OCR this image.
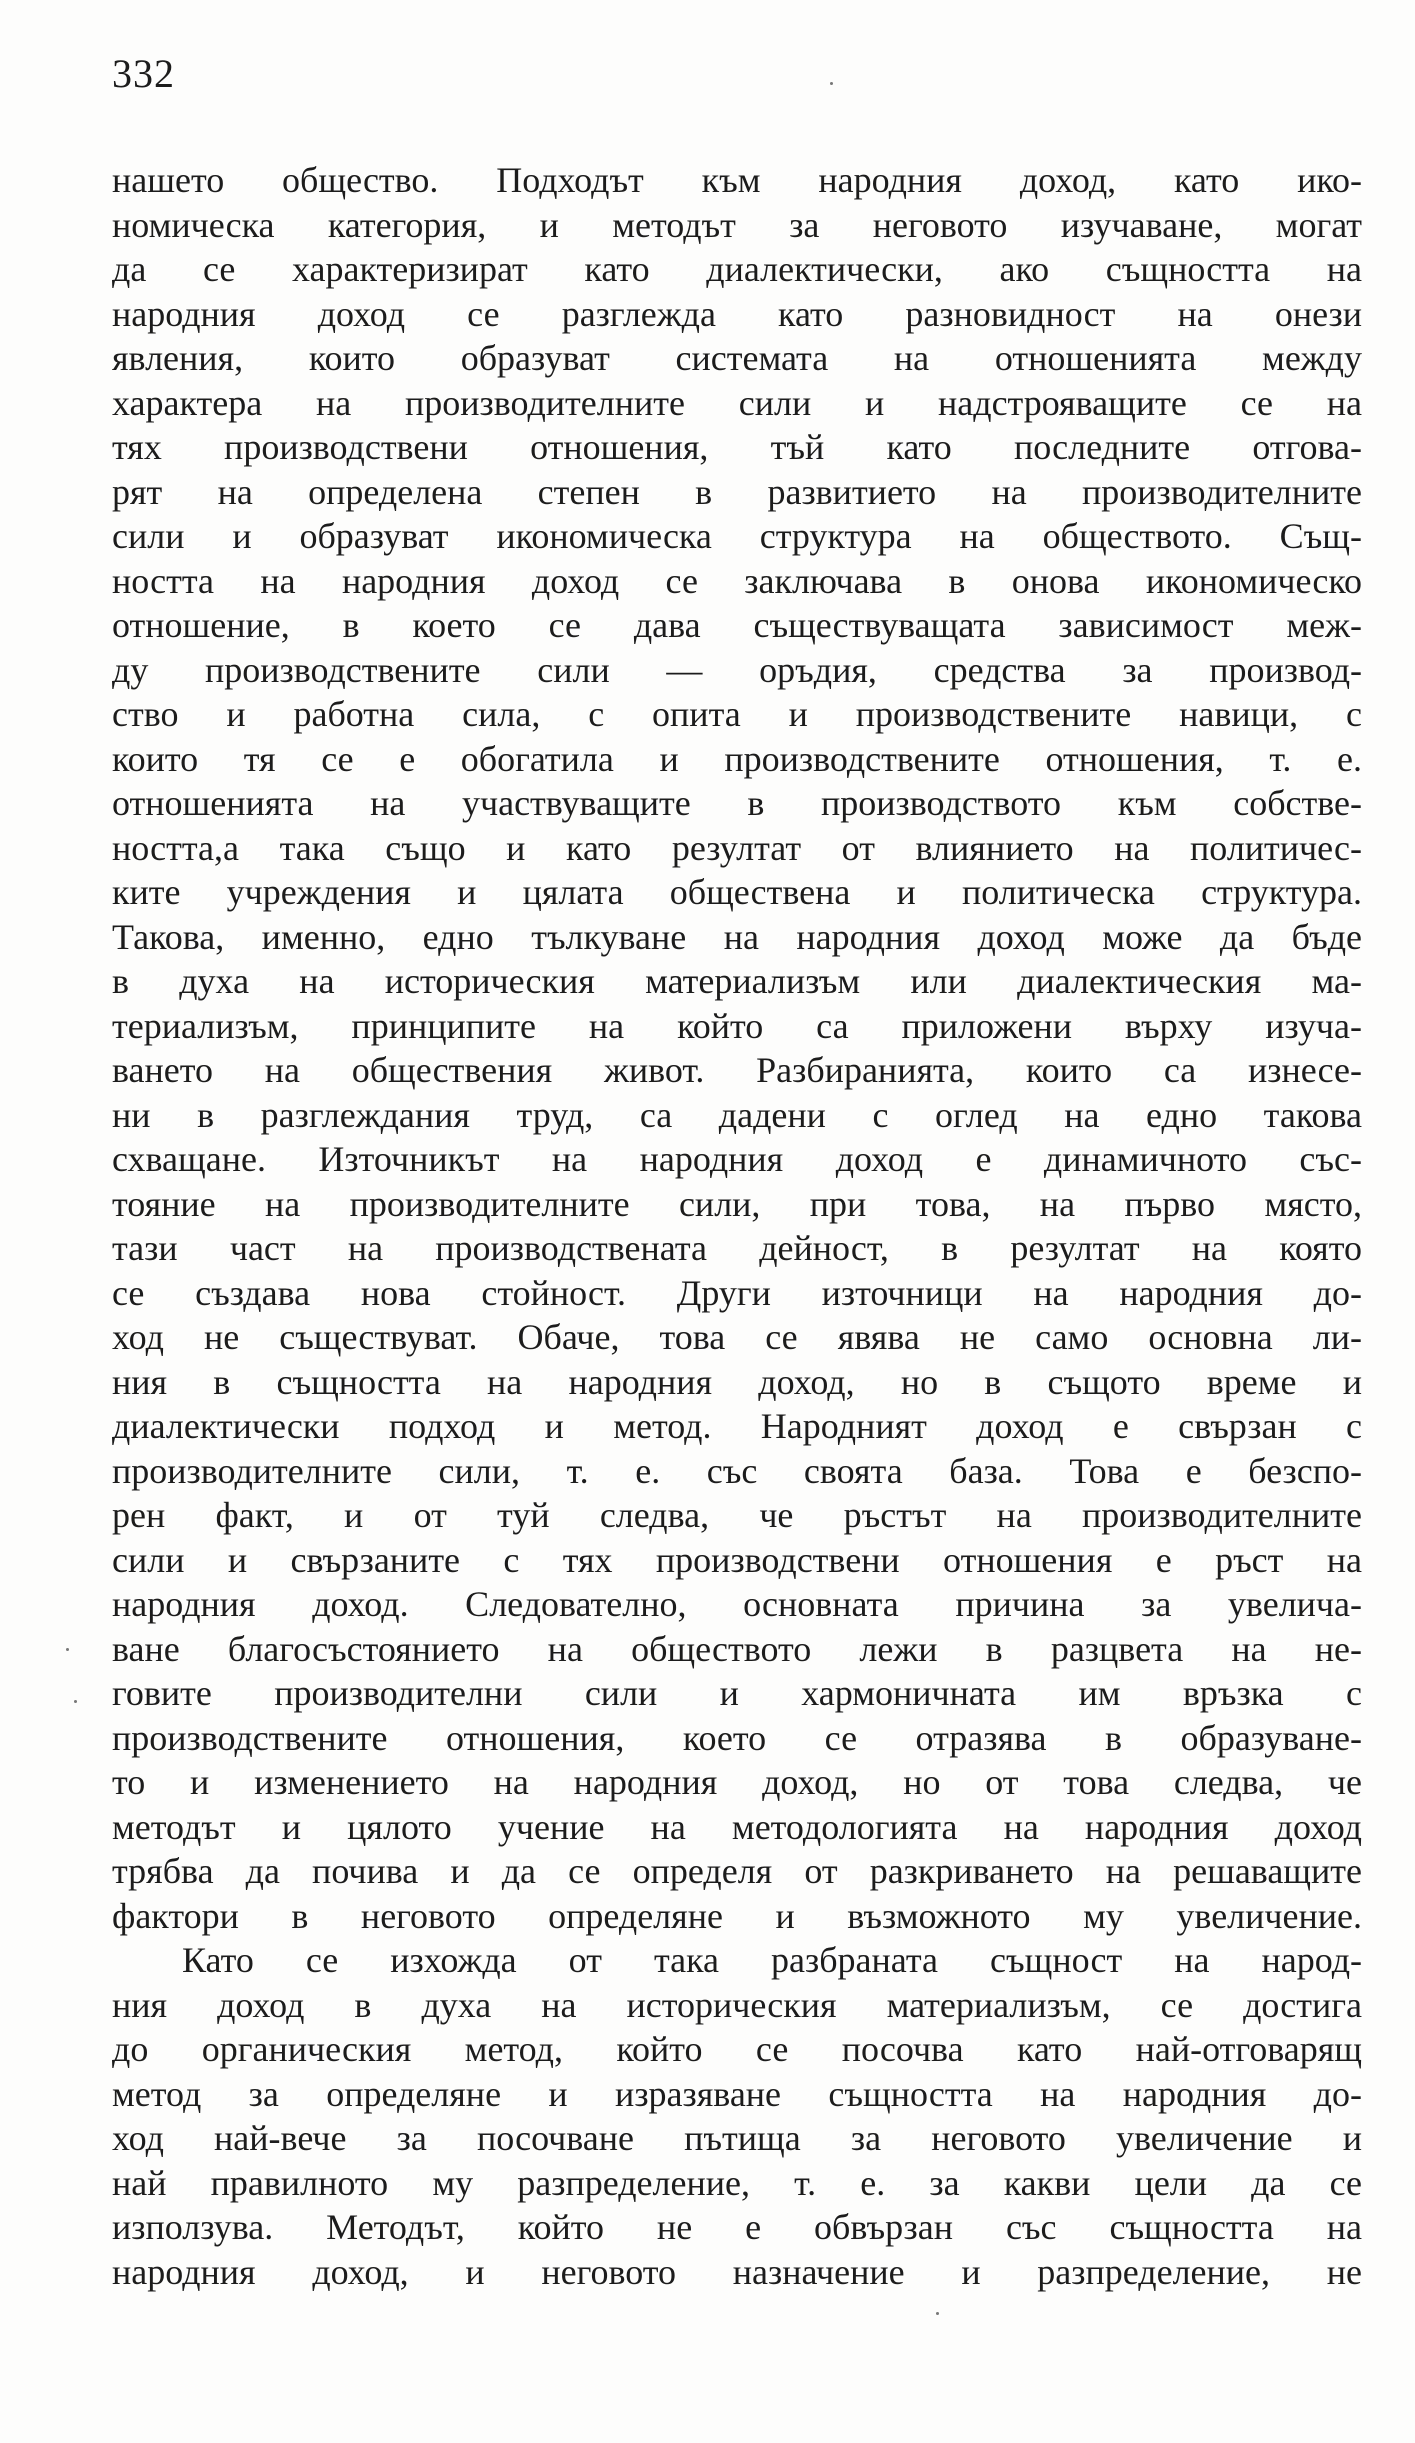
332
нашето общество. Подходът към народния доход, като ико-
номическа категория, и методът за неговото изучаване, могат
да се характеризират като диалектически, ако същността на
народния доход се разглежда като разновидност на онези
явления, които образуват системата на отношенията между
характера на производителните сили и надстрояващите се на
тях производствени отношения, тъй като последните отгова-
рят на определена степен в развитието на производителните
сили и образуват икономическа структура на обществото. Същ-
ността на народния доход се заключава в онова икономическо
отношение, в което се дава съществуващата зависимост меж-
ду производствените сили — оръдия, средства за производ-
ство и работна сила, с опита и производствените навици, с
които тя се е обогатила и производствените отношения, т. е.
отношенията на участвуващите в производството към собстве-
ността,а така също и като резултат от влиянието на политичес-
ките учреждения и цялата обществена и политическа структура.
Такова, именно, едно тълкуване на народния доход може да бъде
в духа на историческия материализъм или диалектическия ма-
териализъм, принципите на който са приложени върху изуча-
ването на обществения живот. Разбиранията, които са изнесе-
ни в разглеждания труд, са дадени с оглед на едно такова
схващане. Източникът на народния доход е динамичното със-
тояние на производителните сили, при това, на първо място,
тази част на производствената дейност, в резултат на която
се създава нова стойност. Други източници на народния до-
ход не съществуват. Обаче, това се явява не само основна ли-
ния в същността на народния доход, но в същото време и
диалектически подход и метод. Народният доход е свързан с
производителните сили, т. е. със своята база. Това е безспо-
рен факт, и от туй следва, че ръстът на производителните
сили и свързаните с тях производствени отношения е ръст на
народния доход. Следователно, основната причина за увелича-
ване благосъстоянието на обществото лежи в разцвета на не-
говите производителни сили и хармоничната им връзка с
производствените отношения, което се отразява в образуване-
то и изменението на народния доход, но от това следва, че
методът и цялото учение на методологията на народния доход
трябва да почива и да се определя от разкриването на решаващите
фактори в неговото определяне и възможното му увеличение.
Като се изхожда от така разбраната същност на народ-
ния доход в духа на историческия материализъм, се достига
до органическия метод, който се посочва като най-отговарящ
метод за определяне и изразяване същността на народния до-
ход най-вече за посочване пътища за неговото увеличение и
най правилното му разпределение, т. е. за какви цели да се
използува. Методът, който не е обвързан със същността на
народния доход, и неговото назначение и разпределение, не
